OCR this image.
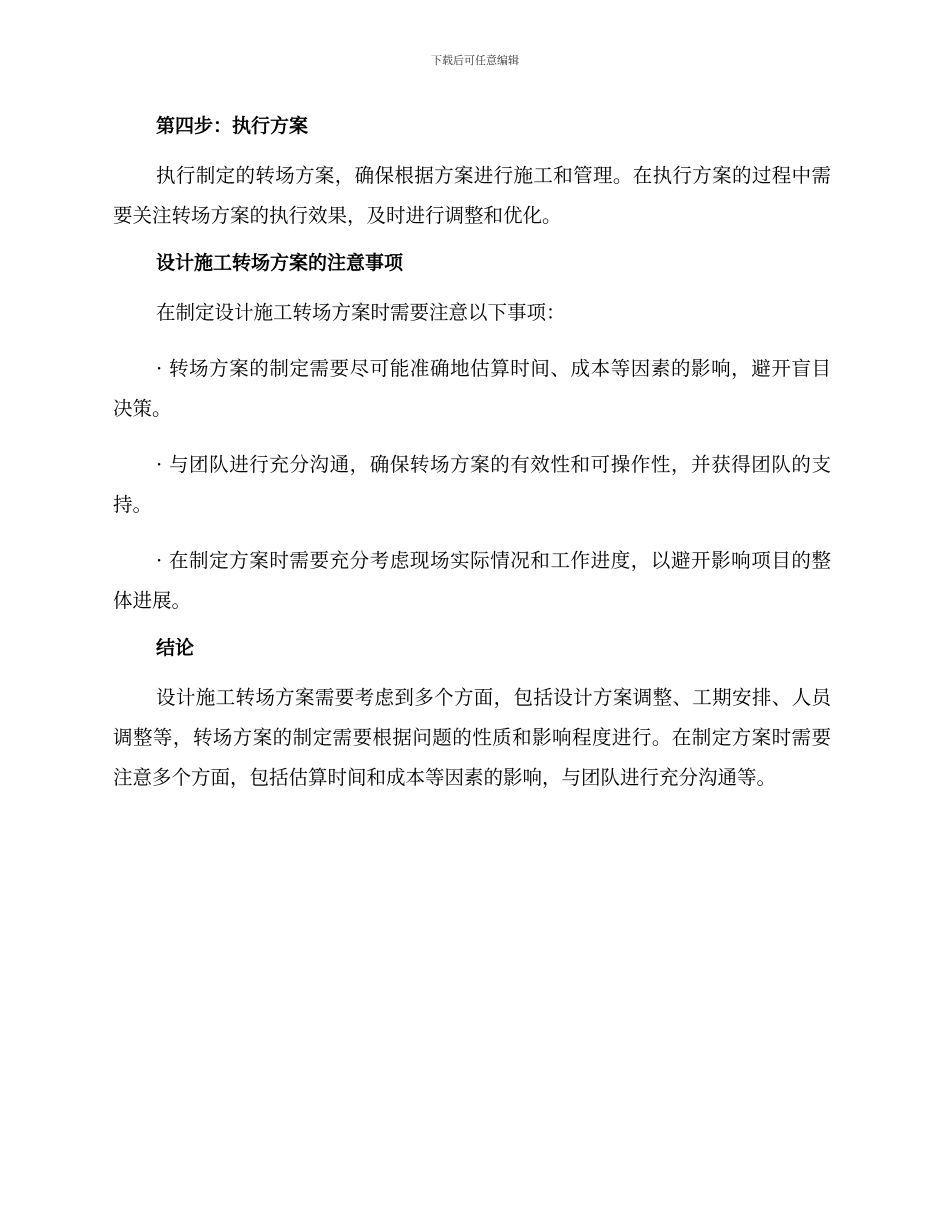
下载后可任意编辑
第四步：执行方案

执行制定的转场方案，确保根据方案进行施工和管理。在执行方案的过程中需要关注转场方案的执行效果，及时进行调整和优化。

设计施工转场方案的注意事项

在制定设计施工转场方案时需要注意以下事项：

· 转场方案的制定需要尽可能准确地估算时间、成本等因素的影响，避开盲目决策。

· 与团队进行充分沟通，确保转场方案的有效性和可操作性，并获得团队的支持。

· 在制定方案时需要充分考虑现场实际情况和工作进度，以避开影响项目的整体进展。

结论

设计施工转场方案需要考虑到多个方面，包括设计方案调整、工期安排、人员调整等，转场方案的制定需要根据问题的性质和影响程度进行。在制定方案时需要注意多个方面，包括估算时间和成本等因素的影响，与团队进行充分沟通等。
